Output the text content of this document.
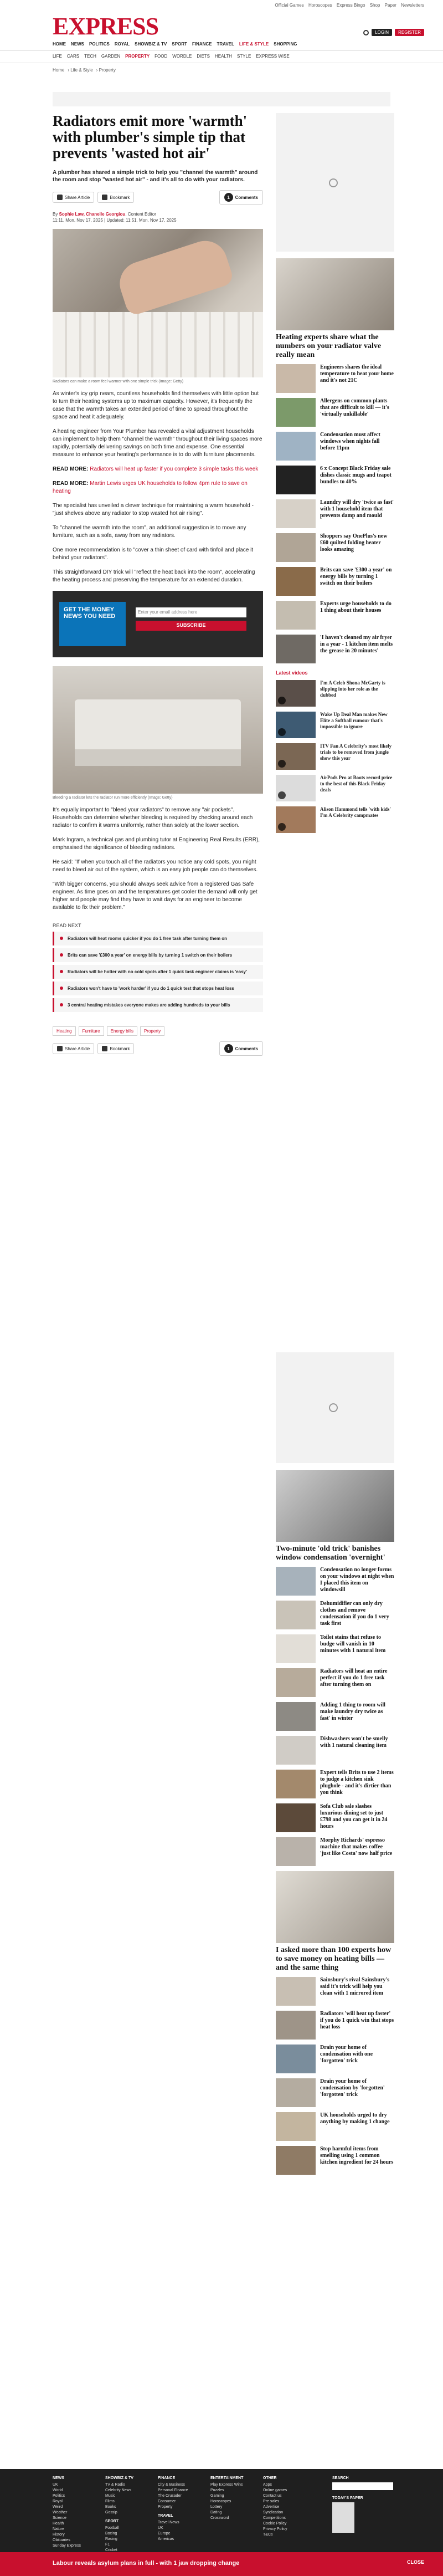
Official Games Horoscopes Express Bingo Shop Paper Newsletters
EXPRESS	LOGIN	REGISTER
HOME NEWS POLITICS ROYAL SHOWBIZ & TV SPORT FINANCE TRAVEL LIFE & STYLE SHOPPING
LIFE CARS TECH GARDEN PROPERTY FOOD WORDLE DIETS HEALTH STYLE EXPRESS WISE
Home › Life & Style › Property
Radiators emit more 'warmth' with plumber's simple tip that prevents 'wasted hot air'
A plumber has shared a simple trick to help you "channel the warmth" around the room and stop "wasted hot air" - and it's all to do with your radiators.
Share Article	Bookmark	1	Comments
By Sophie Law, Chanelle Georgiou, Content Editor
11:11, Mon, Nov 17, 2025 | Updated: 11:51, Mon, Nov 17, 2025
Radiators can make a room feel warmer with one simple trick (Image: Getty)

As winter's icy grip nears, countless households find themselves with little option but to turn their heating systems up to maximum capacity. However, it's frequently the case that the warmth takes an extended period of time to spread throughout the space and heat it adequately.

A heating engineer from Your Plumber has revealed a vital adjustment households can implement to help them "channel the warmth" throughout their living spaces more rapidly, potentially delivering savings on both time and expense. One essential measure to enhance your heating's performance is to do with furniture placements.

READ MORE: Radiators will heat up faster if you complete 3 simple tasks this week
READ MORE: Martin Lewis urges UK households to follow 4pm rule to save on heating

The specialist has unveiled a clever technique for maintaining a warm household - "just shelves above any radiator to stop wasted hot air rising".

To "channel the warmth into the room", an additional suggestion is to move any furniture, such as a sofa, away from any radiators.

One more recommendation is to "cover a thin sheet of card with tinfoil and place it behind your radiators".

This straightforward DIY trick will "reflect the heat back into the room", accelerating the heating process and preserving the temperature for an extended duration.

GET THE MONEY NEWS YOU NEED
Enter your email address here
SUBSCRIBE
Bleeding a radiator lets the radiator run more efficiently (Image: Getty)

It's equally important to "bleed your radiators" to remove any "air pockets". Households can determine whether bleeding is required by checking around each radiator to confirm it warms uniformly, rather than solely at the lower section.

Mark Ingram, a technical gas and plumbing tutor at Engineering Real Results (ERR), emphasised the significance of bleeding radiators.

He said: "If when you touch all of the radiators you notice any cold spots, you might need to bleed air out of the system, which is an easy job people can do themselves.

"With bigger concerns, you should always seek advice from a registered Gas Safe engineer. As time goes on and the temperatures get cooler the demand will only get higher and people may find they have to wait days for an engineer to become available to fix their problem."

READ NEXT
Radiators will heat rooms quicker if you do 1 free task after turning them on
Brits can save '£300 a year' on energy bills by turning 1 switch on their boilers
Radiators will be hotter with no cold spots after 1 quick task engineer claims is 'easy'
Radiators won't have to 'work harder' if you do 1 quick test that stops heat loss
3 central heating mistakes everyone makes are adding hundreds to your bills
Heating	Furniture	Energy bills	Property
Share Article	Bookmark	1	Comments
Heating experts share what the numbers on your radiator valve really mean
Engineers shares the ideal temperature to heat your home and it's not 21C
Allergens on common plants that are difficult to kill — it's 'virtually unkillable'
Condensation must affect windows when nights fall before 11pm
6 x Concept Black Friday sale dishes classic mugs and teapot bundles to 40%
Laundry will dry 'twice as fast' with 1 household item that prevents damp and mould
Shoppers say OnePlus's new £60 quilted folding heater looks amazing
Brits can save '£300 a year' on energy bills by turning 1 switch on their boilers
Experts urge households to do 1 thing about their houses
'I haven't cleaned my air fryer in a year - 1 kitchen item melts the grease in 20 minutes'
Latest videos
I'm A Celeb Shona McGarty is slipping into her role as the dubbed
Wake Up Deal Man makes New Elite a Softball rumour that's impossible to ignore
ITV Fan A Celebrity's most likely trials to be removed from jungle show this year
AirPods Pro at Boots record price to the best of this Black Friday deals
Alison Hammond tells 'with kids' I'm A Celebrity campmates
Two-minute 'old trick' banishes window condensation 'overnight'
Condensation no longer forms on your windows at night when I placed this item on windowsill
Dehumidifier can only dry clothes and remove condensation if you do 1 very task first
Toilet stains that refuse to budge will vanish in 10 minutes with 1 natural item
Radiators will heat an entire perfect if you do 1 free task after turning them on
Adding 1 thing to room will make laundry dry twice as fast' in winter
Dishwashers won't be smelly with 1 natural cleaning item
Expert tells Brits to use 2 items to judge a kitchen sink plughole - and it's dirtier than you think
Sofa Club sale slashes luxurious dining set to just £798 and you can get it in 24 hours
Morphy Richards' espresso machine that makes coffee 'just like Costa' now half price
I asked more than 100 experts how to save money on heating bills — and the same thing
Sainsbury's rival Sainsbury's said it's trick will help you clean with 1 mirrored item
Radiators 'will heat up faster' if you do 1 quick win that stops heat loss
Drain your home of condensation with one 'forgotten' trick
Drain your home of condensation by 'forgotten' 'forgotten' trick
UK households urged to dry anything by making 1 change
Stop harmful items from smelling using 1 common kitchen ingredient for 24 hours
NEWS
UK
World
Politics
Royal
Weird
Weather
Science
Health
Nature
History
Obituaries
Sunday Express
SHOWBIZ & TV
TV & Radio
Celebrity News
Music
Films
Books
Gossip
SPORT
Football
Boxing
Racing
F1
Cricket
FINANCE
City & Business
Personal Finance
The Crusader
Consumer
Property
TRAVEL
Travel News
UK
Europe
Americas
ENTERTAINMENT
Play Express Wins
Puzzles
Gaming
Horoscopes
Lottery
Dating
Crossword
OTHER
Apps
Online games
Contact us
Pre sales
Advertise
Syndication
Competitions
Cookie Policy
Privacy Policy
T&Cs
SEARCH
TODAY'S PAPER
Labour reveals asylum plans in full - with 1 jaw dropping change	CLOSE
